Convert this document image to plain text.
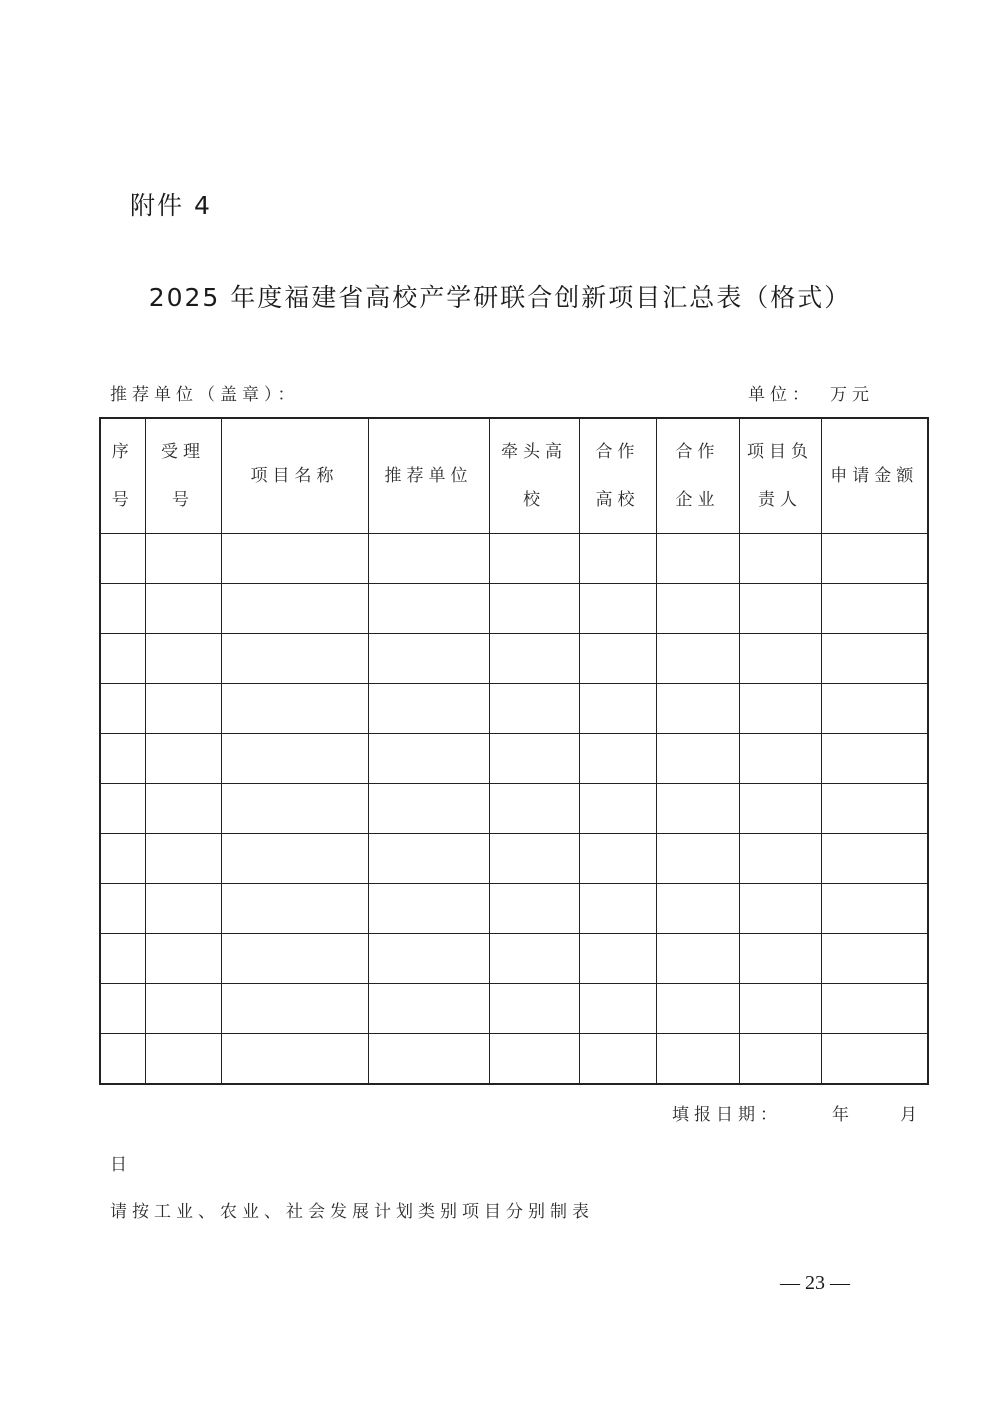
附件 4
2025 年度福建省高校产学研联合创新项目汇总表（格式）
推荐单位（盖章）：	单位： 万元
序号	受理号	项目名称	推荐单位	牵头高校	合作高校	合作企业	项目负责人	申请金额

填报日期：	年	月
日
请按工业、农业、社会发展计划类别项目分别制表
— 23 —
